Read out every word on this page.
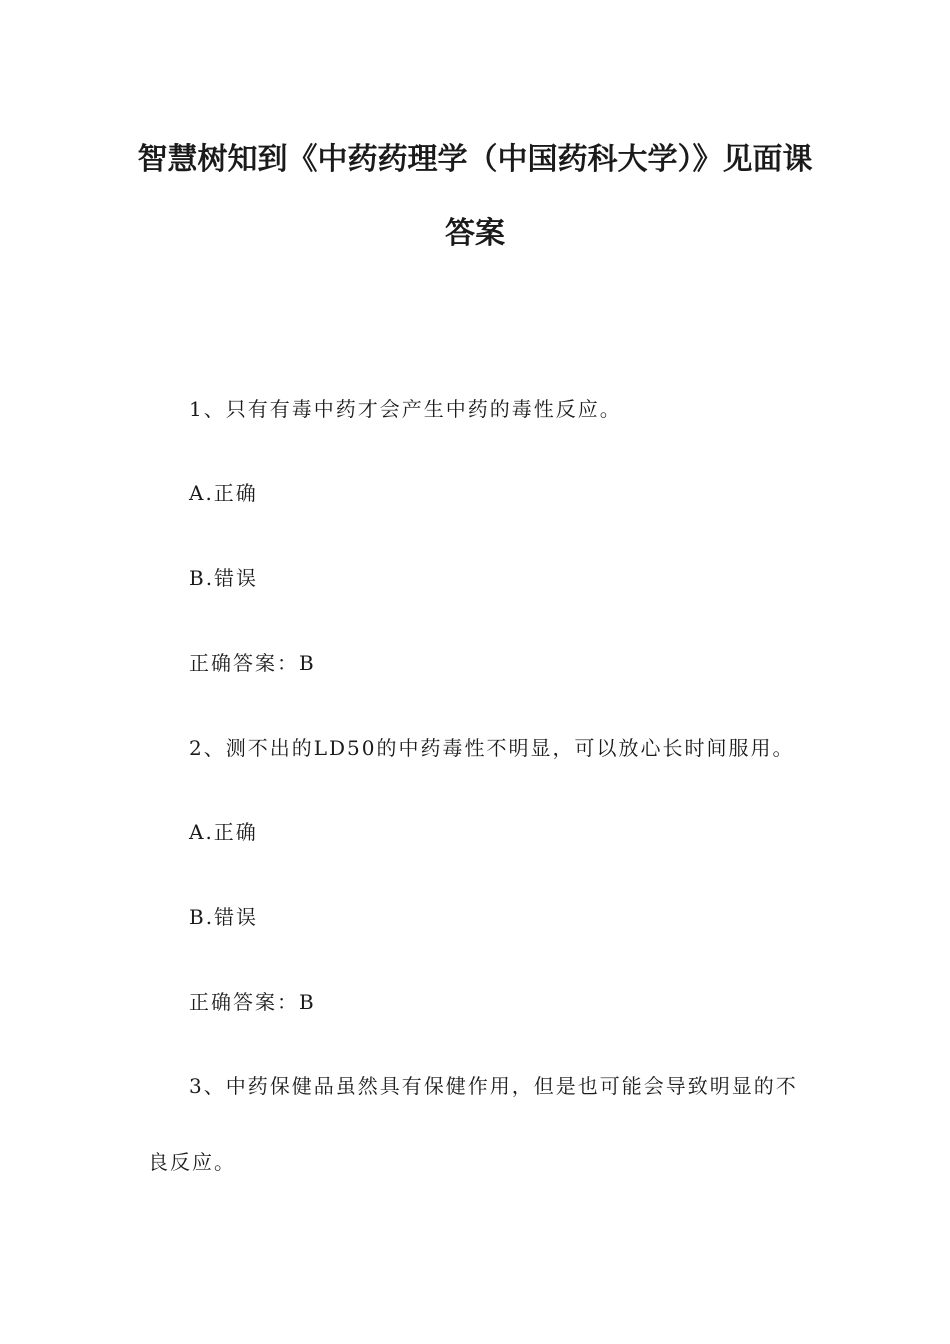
智慧树知到《中药药理学（中国药科大学）》见面课
答案
1、只有有毒中药才会产生中药的毒性反应。
A.正确
B.错误
正确答案：B
2、测不出的LD50的中药毒性不明显，可以放心长时间服用。
A.正确
B.错误
正确答案：B
3、中药保健品虽然具有保健作用，但是也可能会导致明显的不
良反应。
